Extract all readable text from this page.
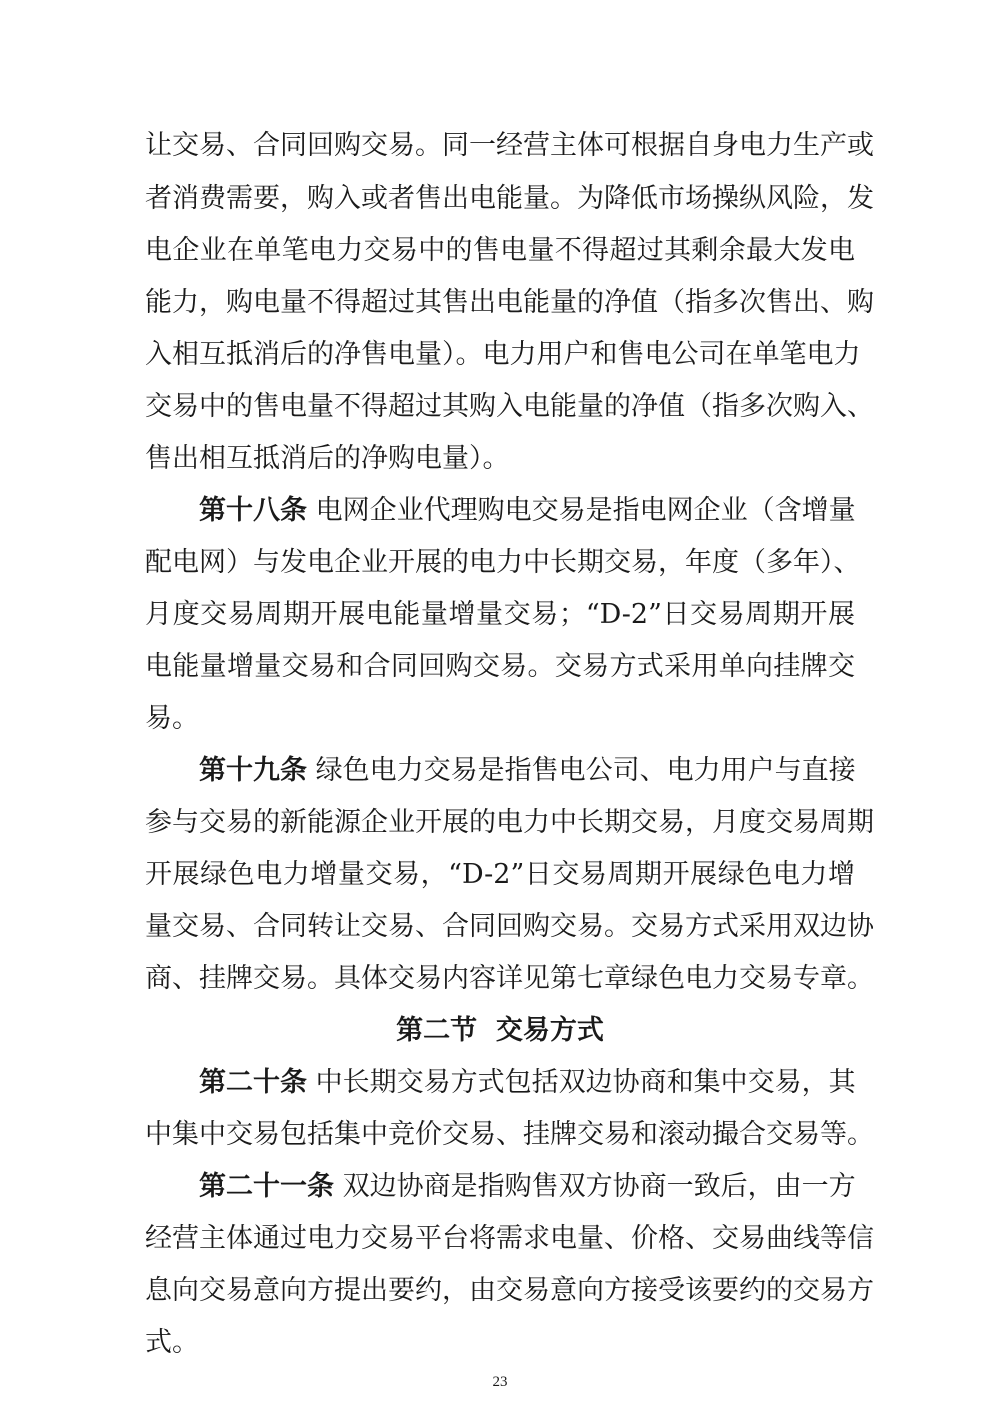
让交易、合同回购交易。同一经营主体可根据自身电力生产或
者消费需要，购入或者售出电能量。为降低市场操纵风险，发
电企业在单笔电力交易中的售电量不得超过其剩余最大发电
能力，购电量不得超过其售出电能量的净值（指多次售出、购
入相互抵消后的净售电量）。电力用户和售电公司在单笔电力
交易中的售电量不得超过其购入电能量的净值（指多次购入、
售出相互抵消后的净购电量）。
第十八条 电网企业代理购电交易是指电网企业（含增量
配电网）与发电企业开展的电力中长期交易，年度（多年）、
月度交易周期开展电能量增量交易；“D-2”日交易周期开展
电能量增量交易和合同回购交易。交易方式采用单向挂牌交
易。
第十九条 绿色电力交易是指售电公司、电力用户与直接
参与交易的新能源企业开展的电力中长期交易，月度交易周期
开展绿色电力增量交易，“D-2”日交易周期开展绿色电力增
量交易、合同转让交易、合同回购交易。交易方式采用双边协
商、挂牌交易。具体交易内容详见第七章绿色电力交易专章。
第二节  交易方式
第二十条 中长期交易方式包括双边协商和集中交易，其
中集中交易包括集中竞价交易、挂牌交易和滚动撮合交易等。
第二十一条 双边协商是指购售双方协商一致后，由一方
经营主体通过电力交易平台将需求电量、价格、交易曲线等信
息向交易意向方提出要约，由交易意向方接受该要约的交易方
式。
23
